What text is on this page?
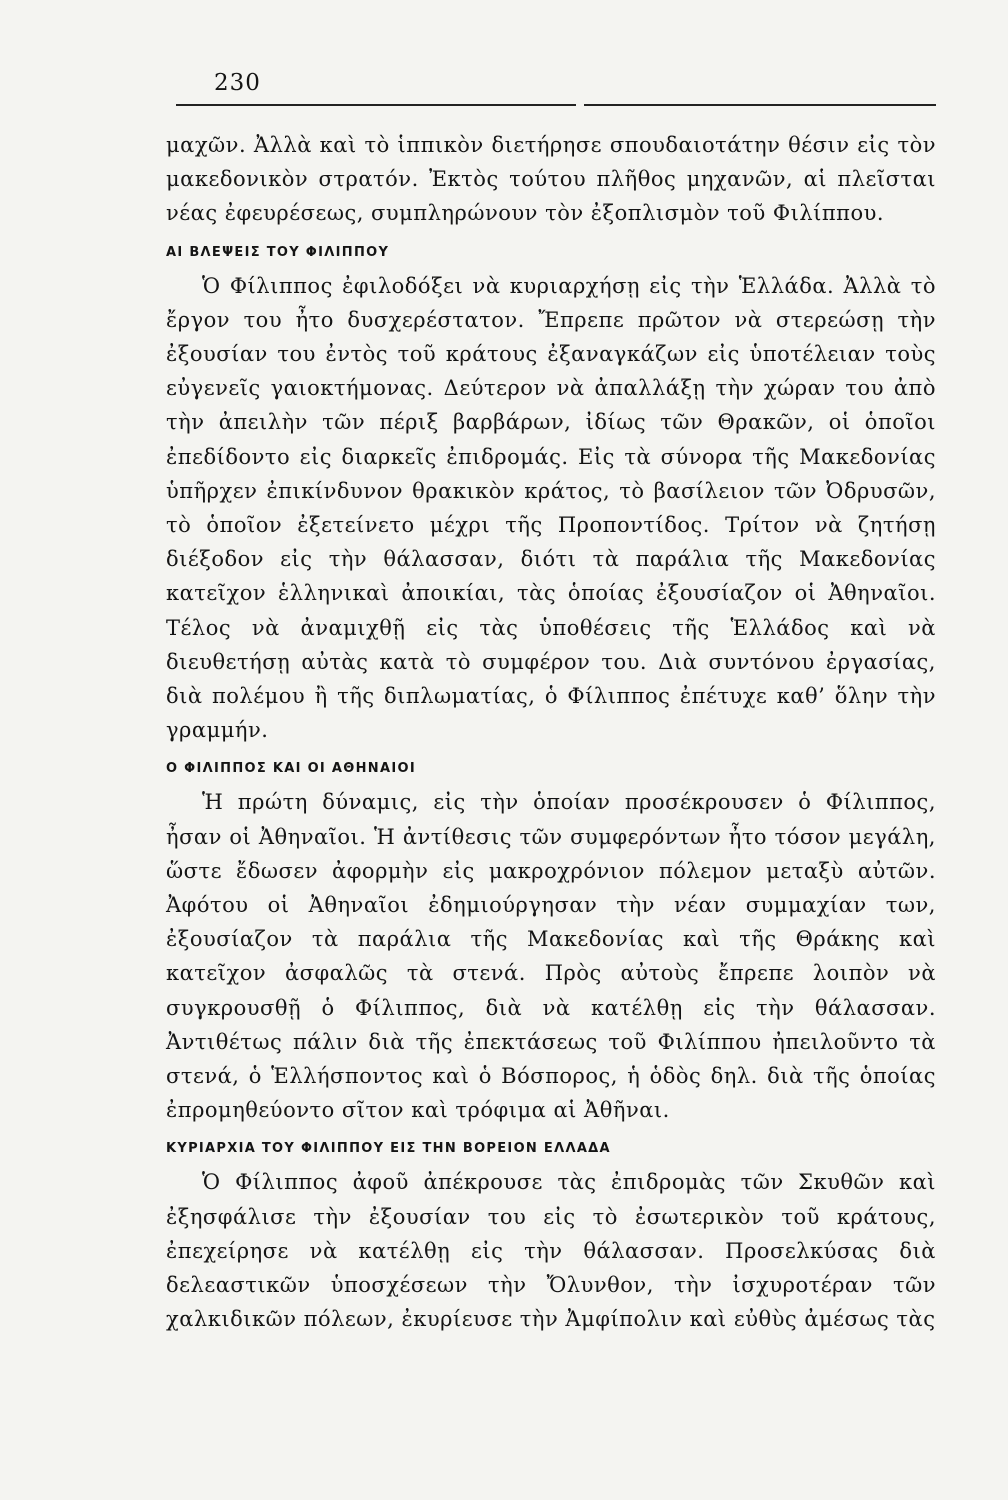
230

μαχῶν. Ἀλλὰ καὶ τὸ ἱππικὸν διετήρησε σπουδαιοτάτην θέσιν εἰς τὸν μακεδονικὸν στρατόν. Ἐκτὸς τούτου πλῆθος μηχανῶν, αἱ πλεῖσται νέας ἐφευρέσεως, συμπληρώνουν τὸν ἐξοπλισμὸν τοῦ Φιλίππου.

ΑΙ ΒΛΕΨΕΙΣ ΤΟΥ ΦΙΛΙΠΠΟΥ

Ὁ Φίλιππος ἐφιλοδόξει νὰ κυριαρχήσῃ εἰς τὴν Ἑλλάδα. Ἀλλὰ τὸ ἔργον του ἦτο δυσχερέστατον. Ἔπρεπε πρῶτον νὰ στερεώσῃ τὴν ἐξουσίαν του ἐντὸς τοῦ κράτους ἐξαναγκάζων εἰς ὑποτέλειαν τοὺς εὐγενεῖς γαιοκτήμονας. Δεύτερον νὰ ἀπαλλάξῃ τὴν χώραν του ἀπὸ τὴν ἀπειλὴν τῶν πέριξ βαρβάρων, ἰδίως τῶν Θρακῶν, οἱ ὁποῖοι ἐπεδίδοντο εἰς διαρκεῖς ἐπιδρομάς. Εἰς τὰ σύνορα τῆς Μακεδονίας ὑπῆρχεν ἐπικίνδυνον θρακικὸν κράτος, τὸ βασίλειον τῶν Ὀδρυσῶν, τὸ ὁποῖον ἐξετείνετο μέχρι τῆς Προποντίδος. Τρίτον νὰ ζητήσῃ διέξοδον εἰς τὴν θάλασσαν, διότι τὰ παράλια τῆς Μακεδονίας κατεῖχον ἑλληνικαὶ ἀποικίαι, τὰς ὁποίας ἐξουσίαζον οἱ Ἀθηναῖοι. Τέλος νὰ ἀναμιχθῇ εἰς τὰς ὑποθέσεις τῆς Ἑλλάδος καὶ νὰ διευθετήσῃ αὐτὰς κατὰ τὸ συμφέρον του. Διὰ συντόνου ἐργασίας, διὰ πολέμου ἢ τῆς διπλωματίας, ὁ Φίλιππος ἐπέτυχε καθ’ ὅλην τὴν γραμμήν.

Ο ΦΙΛΙΠΠΟΣ ΚΑΙ ΟΙ ΑΘΗΝΑΙΟΙ

Ἡ πρώτη δύναμις, εἰς τὴν ὁποίαν προσέκρουσεν ὁ Φίλιππος, ἦσαν οἱ Ἀθηναῖοι. Ἡ ἀντίθεσις τῶν συμφερόντων ἦτο τόσον μεγάλη, ὥστε ἔδωσεν ἀφορμὴν εἰς μακροχρόνιον πόλεμον μεταξὺ αὐτῶν. Ἀφότου οἱ Ἀθηναῖοι ἐδημιούργησαν τὴν νέαν συμμαχίαν των, ἐξουσίαζον τὰ παράλια τῆς Μακεδονίας καὶ τῆς Θράκης καὶ κατεῖχον ἀσφαλῶς τὰ στενά. Πρὸς αὐτοὺς ἔπρεπε λοιπὸν νὰ συγκρουσθῇ ὁ Φίλιππος, διὰ νὰ κατέλθῃ εἰς τὴν θάλασσαν. Ἀντιθέτως πάλιν διὰ τῆς ἐπεκτάσεως τοῦ Φιλίππου ἠπειλοῦντο τὰ στενά, ὁ Ἑλλήσποντος καὶ ὁ Βόσπορος, ἡ ὁδὸς δηλ. διὰ τῆς ὁποίας ἐπρομηθεύοντο σῖτον καὶ τρόφιμα αἱ Ἀθῆναι.

ΚΥΡΙΑΡΧΙΑ ΤΟΥ ΦΙΛΙΠΠΟΥ ΕΙΣ ΤΗΝ ΒΟΡΕΙΟΝ ΕΛΛΑΔΑ

Ὁ Φίλιππος ἀφοῦ ἀπέκρουσε τὰς ἐπιδρομὰς τῶν Σκυθῶν καὶ ἐξησφάλισε τὴν ἐξουσίαν του εἰς τὸ ἐσωτερικὸν τοῦ κράτους, ἐπεχείρησε νὰ κατέλθῃ εἰς τὴν θάλασσαν. Προσελκύσας διὰ δελεαστικῶν ὑποσχέσεων τὴν Ὄλυνθον, τὴν ἰσχυροτέραν τῶν χαλκιδικῶν πόλεων, ἐκυρίευσε τὴν Ἀμφίπολιν καὶ εὐθὺς ἀμέσως τὰς
